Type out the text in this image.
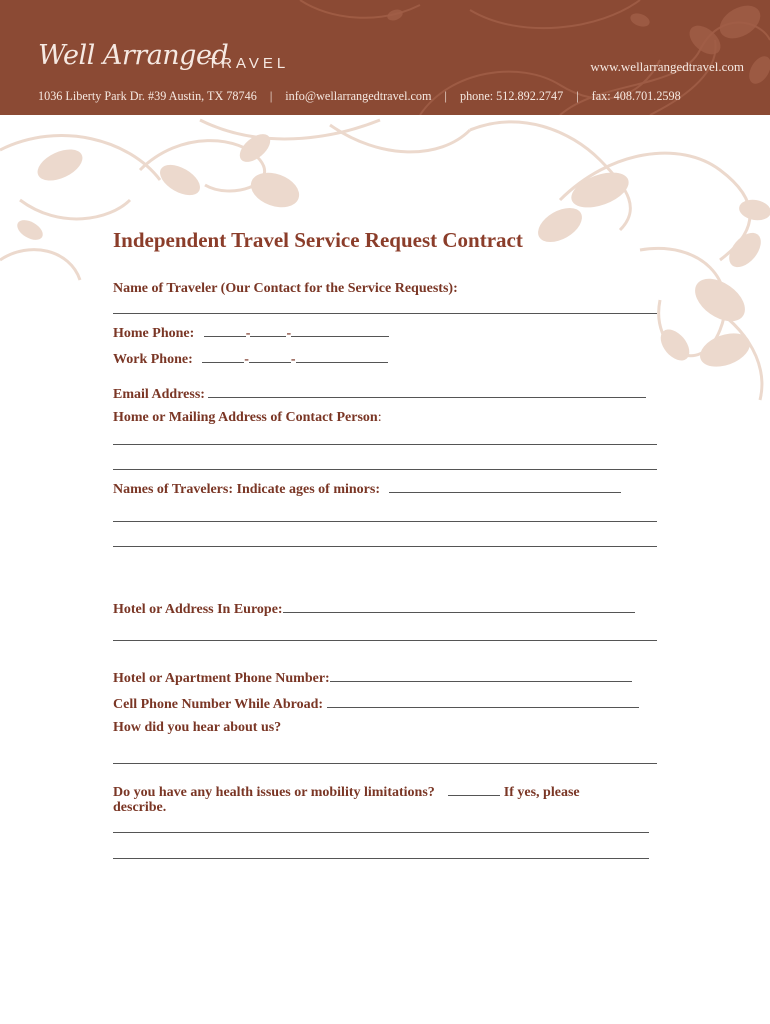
Well Arranged
TRAVEL	www.wellarrangedtravel.com
1036 Liberty Park Dr. #39 Austin, TX 78746 | info@wellarrangedtravel.com | phone: 512.892.2747 | fax: 408.701.2598
Independent Travel Service Request Contract
Name of Traveler (Our Contact for the Service Requests):
Home Phone:	-	-
Work Phone:	-	-
Email Address:
Home or Mailing Address of Contact Person:
Names of Travelers: Indicate ages of minors:
Hotel or Address In Europe:
Hotel or Apartment Phone Number:
Cell Phone Number While Abroad:
How did you hear about us?
Do you have any health issues or mobility limitations?	If yes, please
describe.
